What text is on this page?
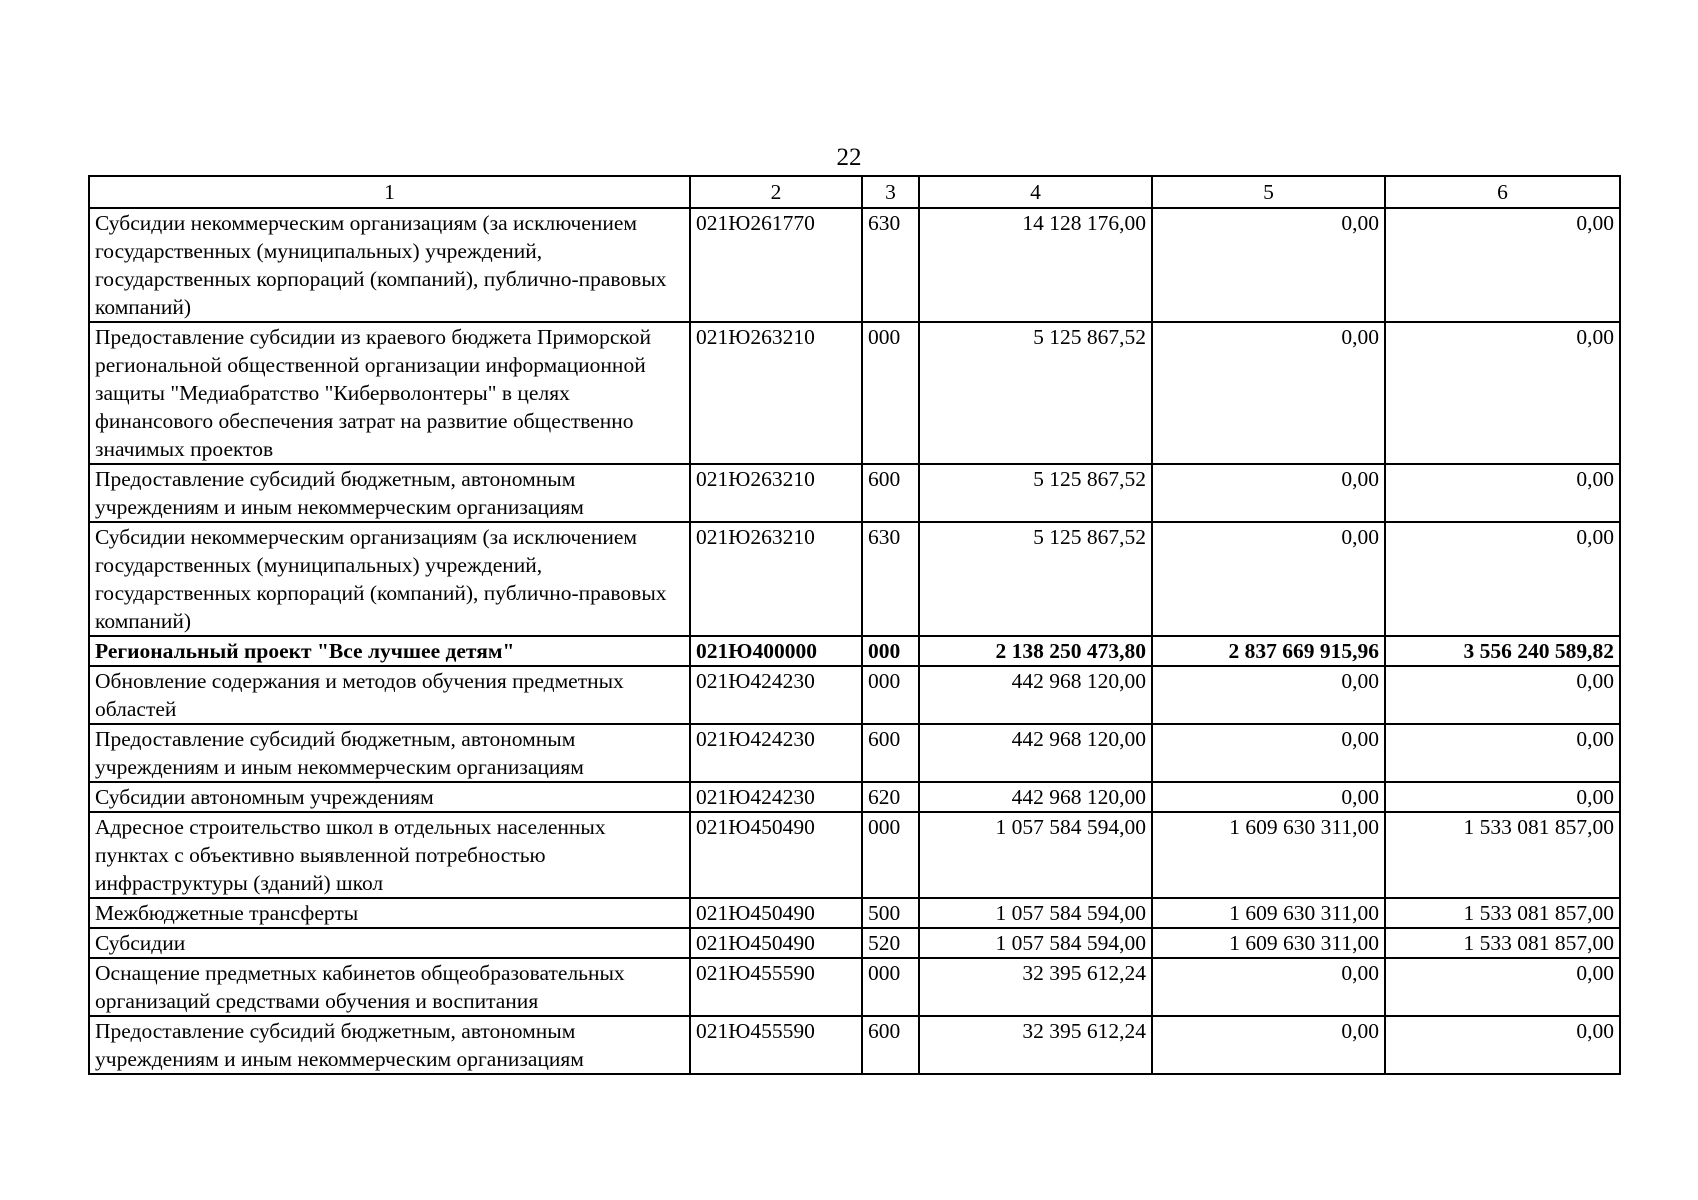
22
1	2	3	4	5	6
Субсидии некоммерческим организациям (за исключением государственных (муниципальных) учреждений, государственных корпораций (компаний), публично-правовых компаний)	021Ю261770	630	14 128 176,00	0,00	0,00
Предоставление субсидии из краевого бюджета Приморской региональной общественной организации информационной защиты "Медиабратство "Киберволонтеры" в целях финансового обеспечения затрат на развитие общественно значимых проектов	021Ю263210	000	5 125 867,52	0,00	0,00
Предоставление субсидий бюджетным, автономным учреждениям и иным некоммерческим организациям	021Ю263210	600	5 125 867,52	0,00	0,00
Субсидии некоммерческим организациям (за исключением государственных (муниципальных) учреждений, государственных корпораций (компаний), публично-правовых компаний)	021Ю263210	630	5 125 867,52	0,00	0,00
Региональный проект "Все лучшее детям"	021Ю400000	000	2 138 250 473,80	2 837 669 915,96	3 556 240 589,82
Обновление содержания и методов обучения предметных областей	021Ю424230	000	442 968 120,00	0,00	0,00
Предоставление субсидий бюджетным, автономным учреждениям и иным некоммерческим организациям	021Ю424230	600	442 968 120,00	0,00	0,00
Субсидии автономным учреждениям	021Ю424230	620	442 968 120,00	0,00	0,00
Адресное строительство школ в отдельных населенных пунктах с объективно выявленной потребностью инфраструктуры (зданий) школ	021Ю450490	000	1 057 584 594,00	1 609 630 311,00	1 533 081 857,00
Межбюджетные трансферты	021Ю450490	500	1 057 584 594,00	1 609 630 311,00	1 533 081 857,00
Субсидии	021Ю450490	520	1 057 584 594,00	1 609 630 311,00	1 533 081 857,00
Оснащение предметных кабинетов общеобразовательных организаций средствами обучения и воспитания	021Ю455590	000	32 395 612,24	0,00	0,00
Предоставление субсидий бюджетным, автономным учреждениям и иным некоммерческим организациям	021Ю455590	600	32 395 612,24	0,00	0,00
